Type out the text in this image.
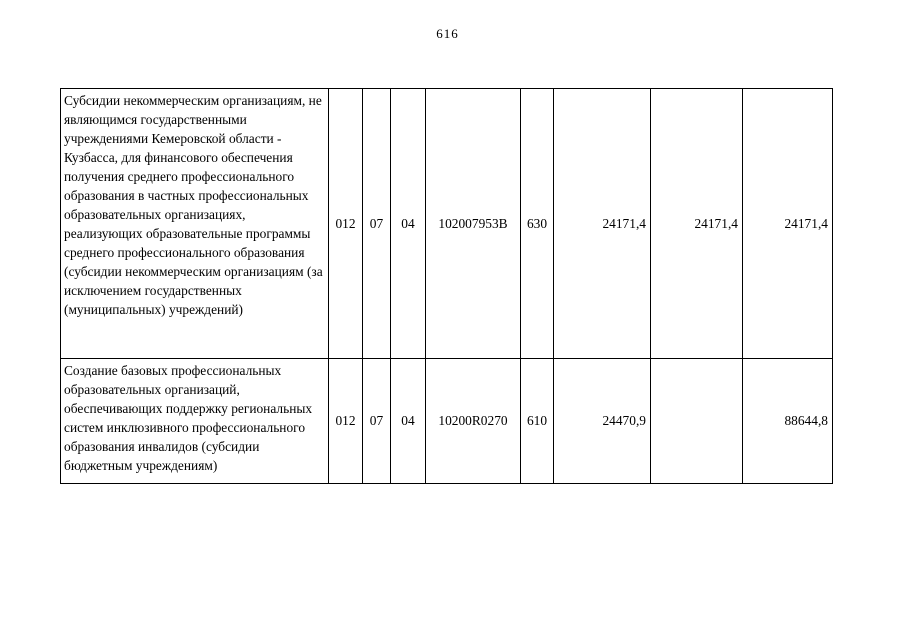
616
Субсидии некоммерческим организациям, не являющимся государственными учреждениями Кемеровской области - Кузбасса, для финансового обеспечения получения среднего профессионального образования в частных профессиональных образовательных организациях, реализующих образовательные программы среднего профессионального образования (субсидии некоммерческим организациям (за исключением государственных (муниципальных) учреждений)	012	07	04	102007953В	630	24171,4	24171,4	24171,4
Создание базовых профессиональных образовательных организаций, обеспечивающих поддержку региональных систем инклюзивного профессионального образования инвалидов (субсидии бюджетным учреждениям)	012	07	04	10200R0270	610	24470,9		88644,8
